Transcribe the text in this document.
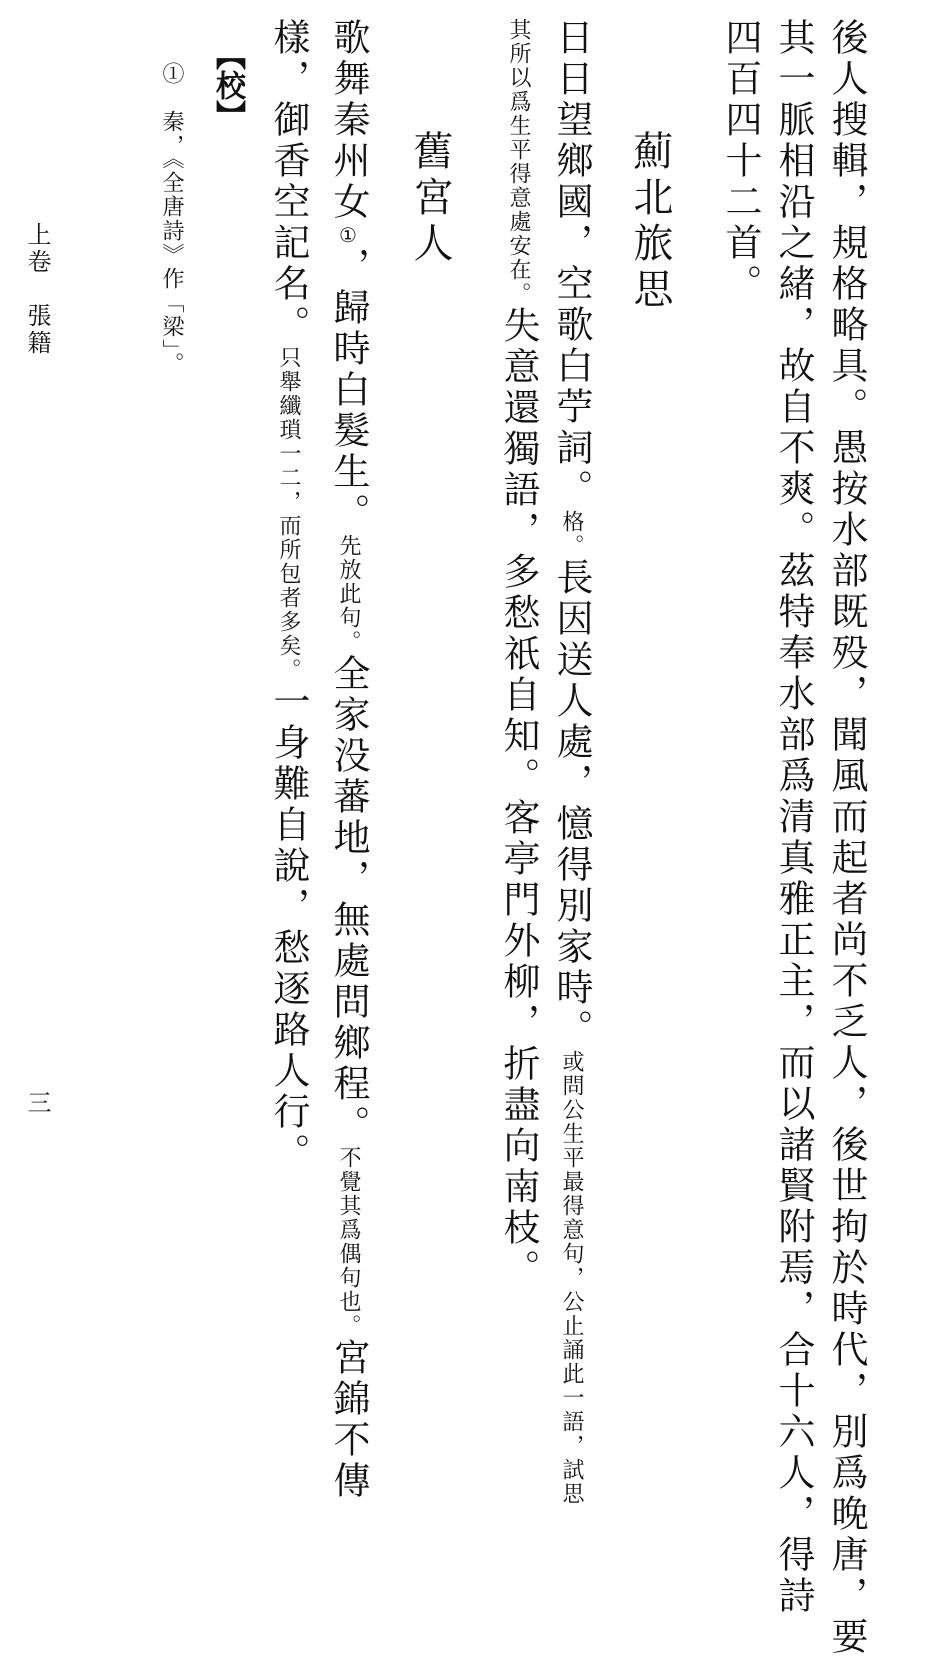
後人搜輯，規格略具。愚按水部既殁，聞風而起者尚不乏人，後世拘於時代，別爲晚唐，要
其一脈相沿之緒，故自不爽。茲特奉水部爲清真雅正主，而以諸賢附焉，合十六人，得詩
四百四十二首。
薊北旅思
日日望鄉國，空歌白苧詞。格。長因送人處，憶得別家時。或問公生平最得意句，公止誦此一語，試思
其所以爲生平得意處安在。失意還獨語，多愁祇自知。客亭門外柳，折盡向南枝。
舊宮人
歌舞秦州女①，歸時白髮生。先放此句。全家没蕃地，無處問鄉程。不覺其爲偶句也。宮錦不傳
樣，御香空記名。只舉纖瑣一二，而所包者多矣。一身難自說，愁逐路人行。
【校】
①　秦，《全唐詩》作「梁」。
上卷　張籍
三
